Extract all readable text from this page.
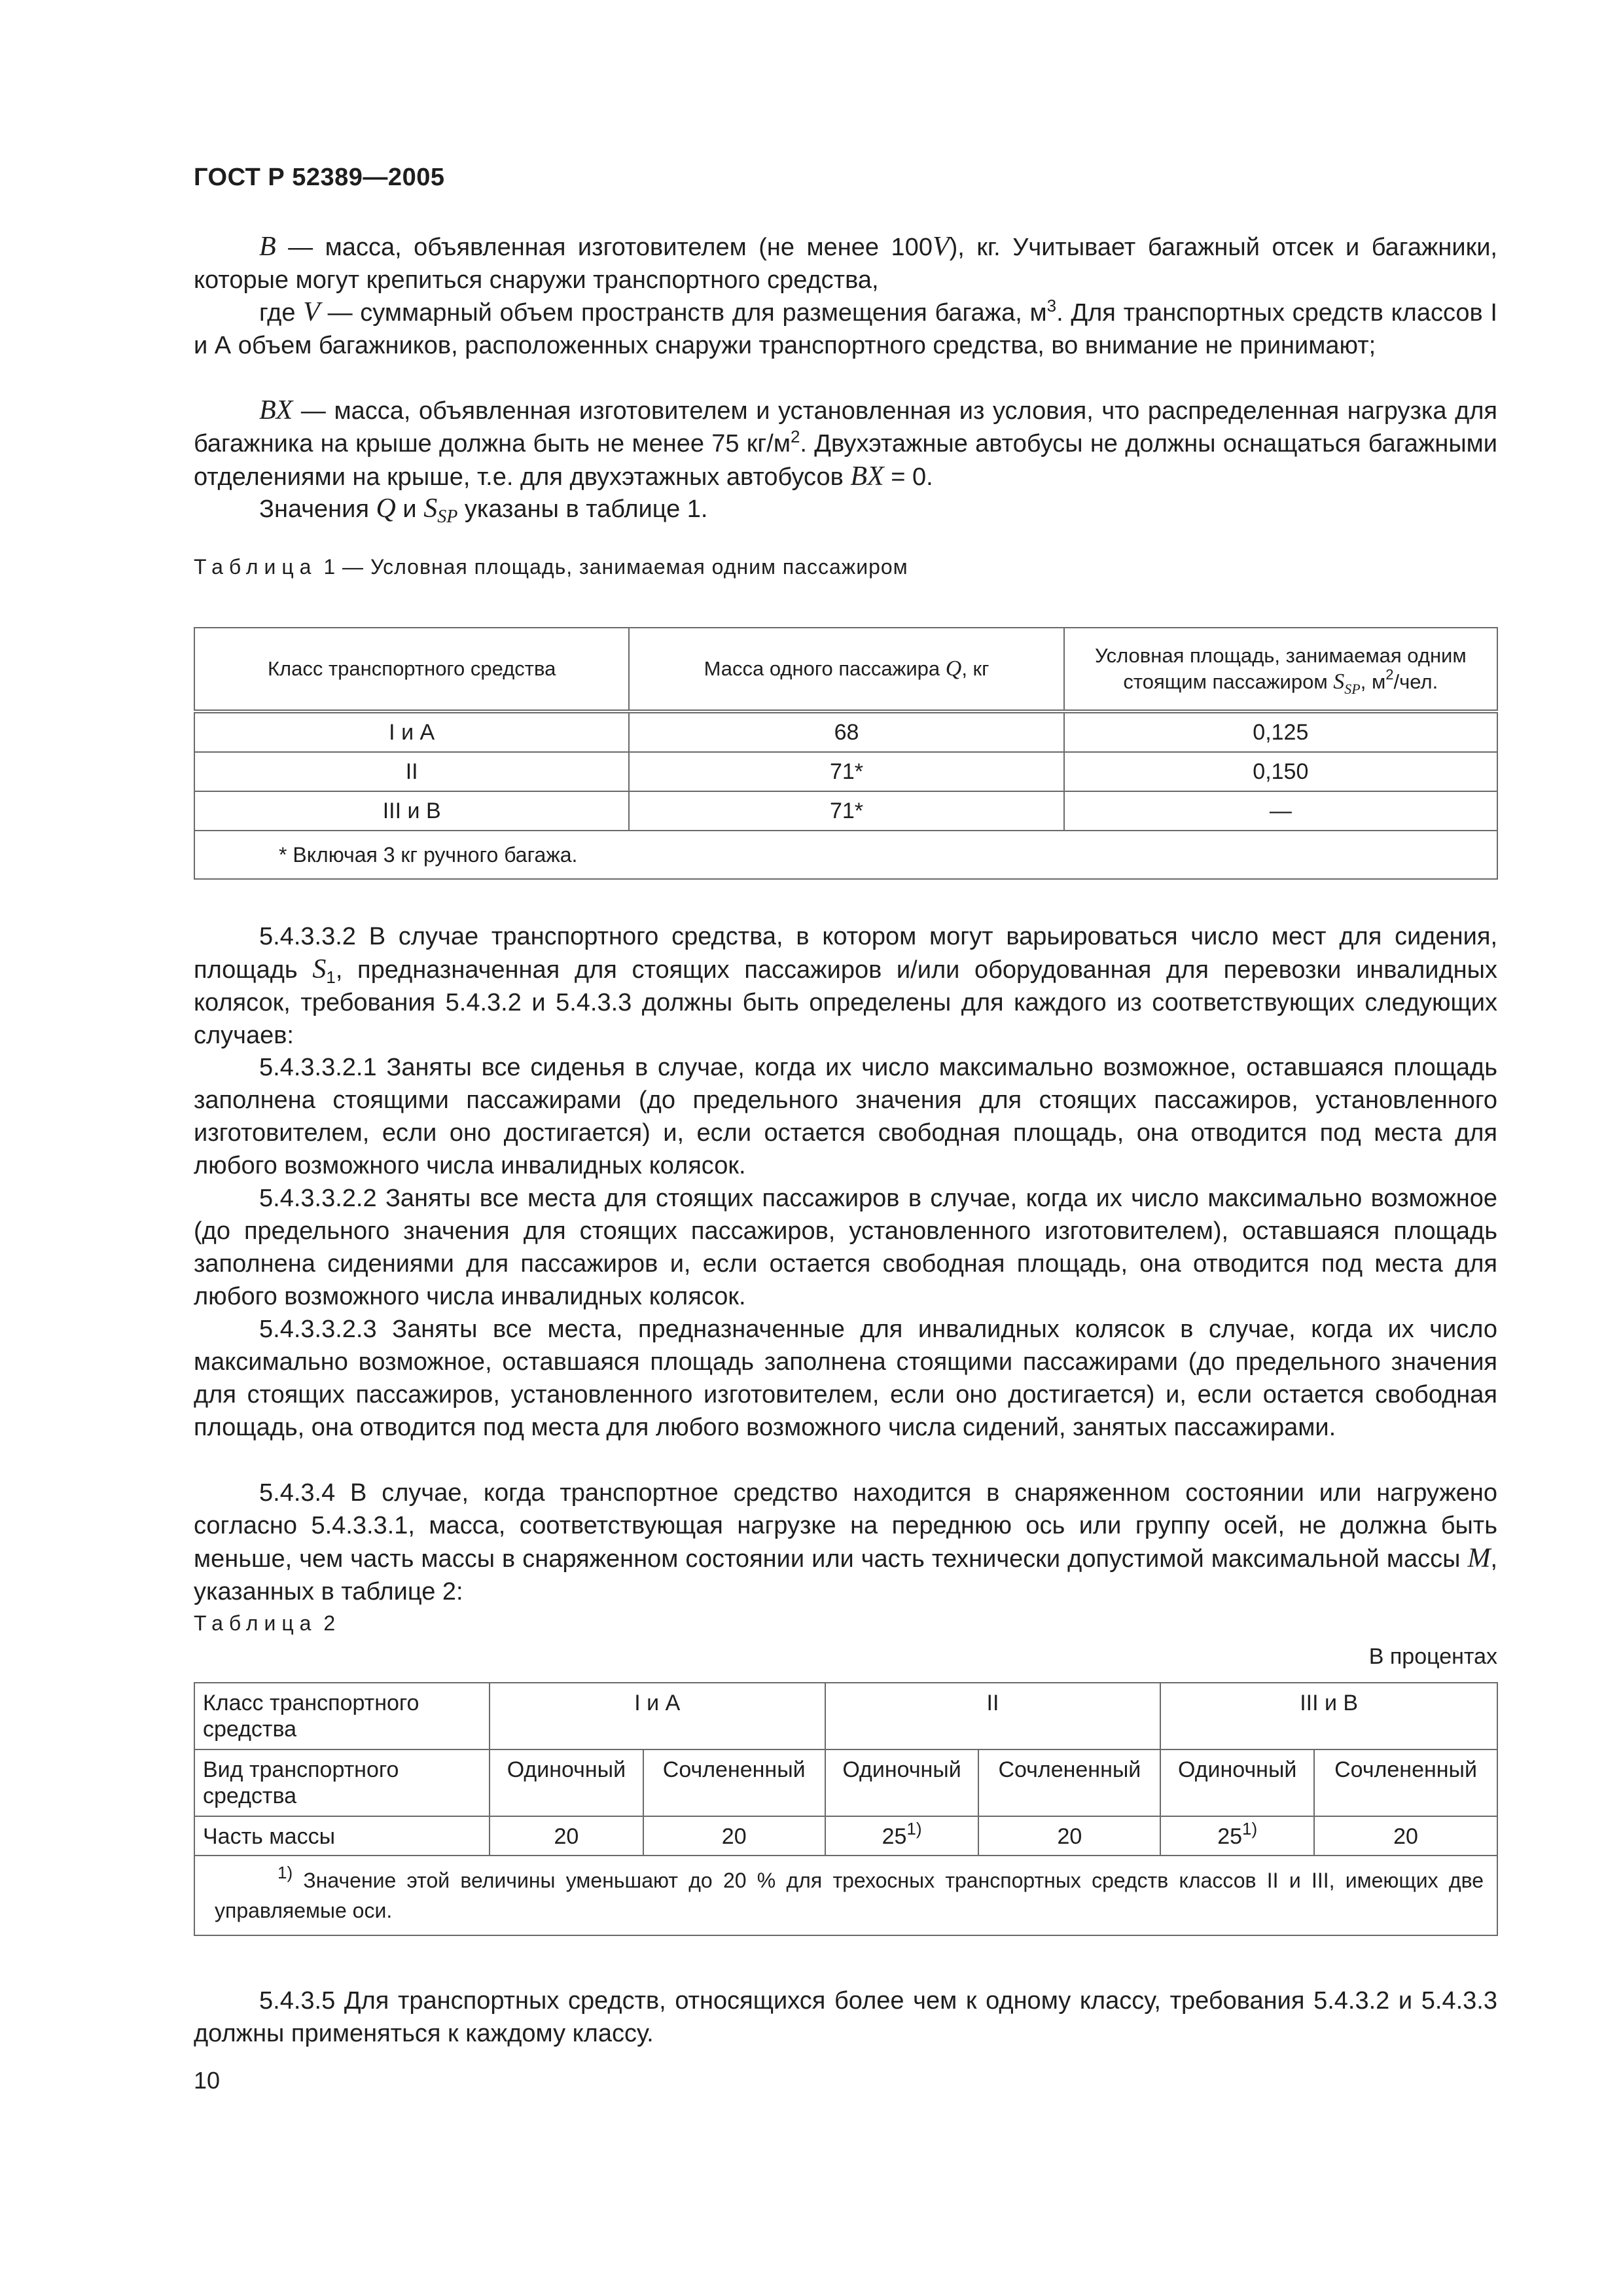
ГОСТ Р 52389—2005

B — масса, объявленная изготовителем (не менее 100V), кг. Учитывает багажный отсек и багажники, которые могут крепиться снаружи транспортного средства,

где V — суммарный объем пространств для размещения багажа, $м^3$. Для транспортных средств классов I и А объем багажников, расположенных снаружи транспортного средства, во внимание не принимают;

BX — масса, объявленная изготовителем и установленная из условия, что распределенная нагрузка для багажника на крыше должна быть не менее 75 $кг/м^2$. Двухэтажные автобусы не должны оснащаться багажными отделениями на крыше, т.е. для двухэтажных автобусов BX = 0.

Значения Q и $S_{SP}$ указаны в таблице 1.

Таблица 1 — Условная площадь, занимаемая одним пассажиром
Класс транспортного средства	Масса одного пассажира Q, кг	Условная площадь, занимаемая одним стоящим пассажиром $S_{SP}$, $м^2$/чел.
I и A	68	0,125
II	71*	0,150
III и B	71*	—
* Включая 3 кг ручного багажа.		

5.4.3.3.2 В случае транспортного средства, в котором могут варьироваться число мест для сидения, площадь $S_1$, предназначенная для стоящих пассажиров и/или оборудованная для перевозки инвалидных колясок, требования 5.4.3.2 и 5.4.3.3 должны быть определены для каждого из соответствующих следующих случаев:

5.4.3.3.2.1 Заняты все сиденья в случае, когда их число максимально возможное, оставшаяся площадь заполнена стоящими пассажирами (до предельного значения для стоящих пассажиров, установленного изготовителем, если оно достигается) и, если остается свободная площадь, она отводится под места для любого возможного числа инвалидных колясок.

5.4.3.3.2.2 Заняты все места для стоящих пассажиров в случае, когда их число максимально возможное (до предельного значения для стоящих пассажиров, установленного изготовителем), оставшаяся площадь заполнена сидениями для пассажиров и, если остается свободная площадь, она отводится под места для любого возможного числа инвалидных колясок.

5.4.3.3.2.3 Заняты все места, предназначенные для инвалидных колясок в случае, когда их число максимально возможное, оставшаяся площадь заполнена стоящими пассажирами (до предельного значения для стоящих пассажиров, установленного изготовителем, если оно достигается) и, если остается свободная площадь, она отводится под места для любого возможного числа сидений, занятых пассажирами.

5.4.3.4 В случае, когда транспортное средство находится в снаряженном состоянии или нагружено согласно 5.4.3.3.1, масса, соответствующая нагрузке на переднюю ось или группу осей, не должна быть меньше, чем часть массы в снаряженном состоянии или часть технически допустимой максимальной массы M, указанных в таблице 2:

Таблица 2
В процентах
Класс транспортного средства	I и A		II		III и B	
Вид транспортного средства	Одиночный	Сочлененный	Одиночный	Сочлененный	Одиночный	Сочлененный
Часть массы	20	20	25$^{1)}$	20	25$^{1)}$	20
$^{1)}$ Значение этой величины уменьшают до 20 % для трехосных транспортных средств классов II и III, имеющих две управляемые оси.						

5.4.3.5 Для транспортных средств, относящихся более чем к одному классу, требования 5.4.3.2 и 5.4.3.3 должны применяться к каждому классу.

10
